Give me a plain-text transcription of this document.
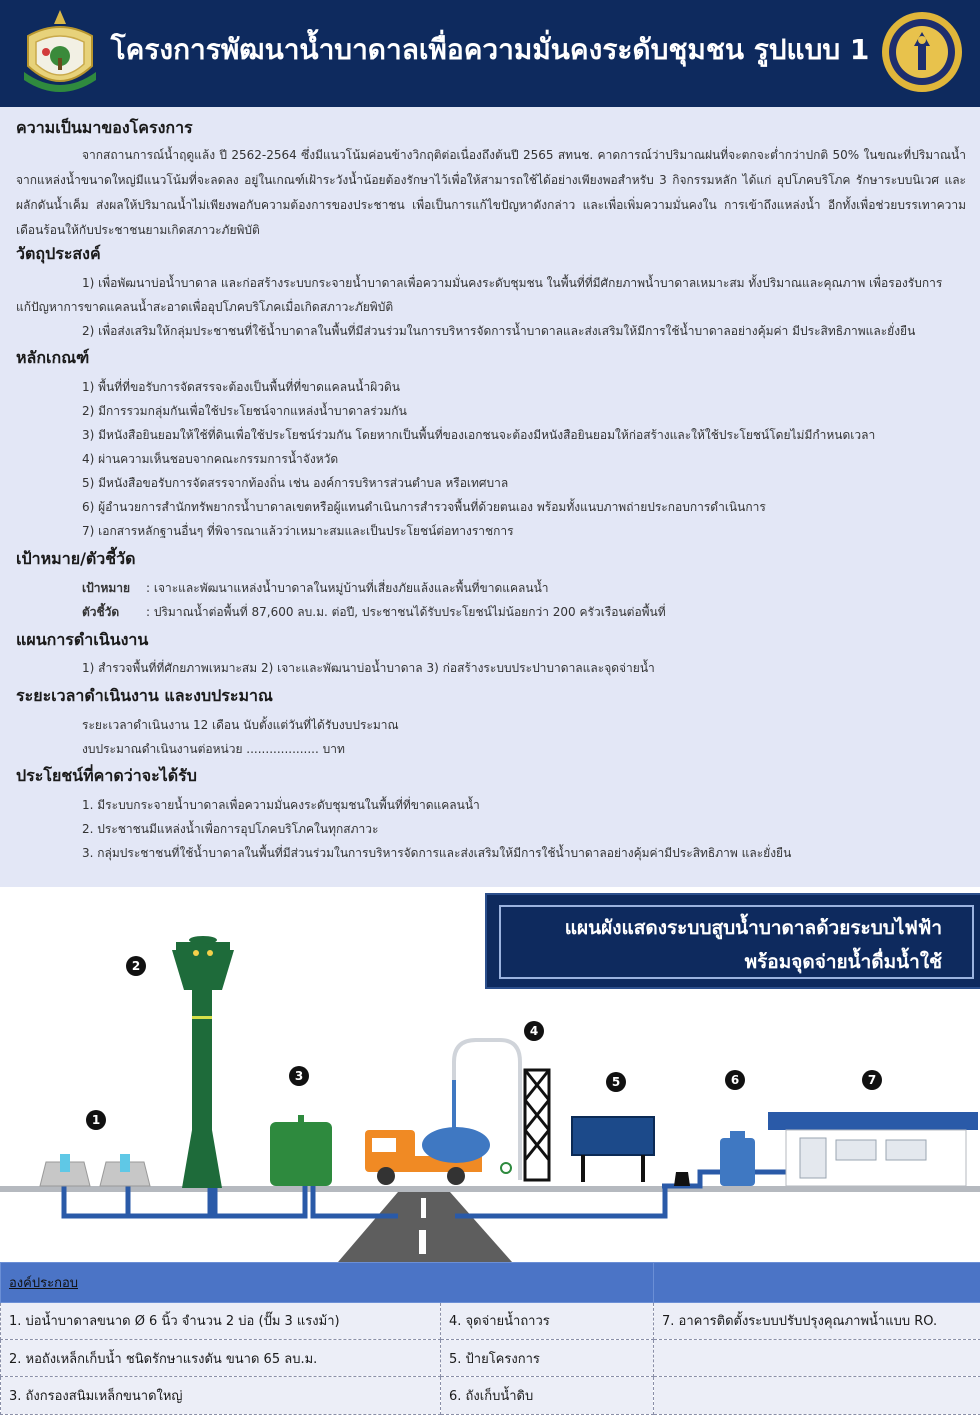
โครงการพัฒนาน้ำบาดาลเพื่อความมั่นคงระดับชุมชน รูปแบบ 1
ความเป็นมาของโครงการ
จากสถานการณ์น้ำฤดูแล้ง ปี 2562-2564 ซึ่งมีแนวโน้มค่อนข้างวิกฤติต่อเนื่องถึงต้นปี 2565 สทนช. คาดการณ์ว่าปริมาณฝนที่จะตกจะต่ำกว่าปกติ 50% ในขณะที่ปริมาณน้ำจากแหล่งน้ำขนาดใหญ่มีแนวโน้มที่จะลดลง อยู่ในเกณฑ์เฝ้าระวังน้ำน้อยต้องรักษาไว้เพื่อให้สามารถใช้ได้อย่างเพียงพอสำหรับ 3 กิจกรรมหลัก ได้แก่ อุปโภคบริโภค รักษาระบบนิเวศ และผลักดันน้ำเค็ม ส่งผลให้ปริมาณน้ำไม่เพียงพอกับความต้องการของประชาชน เพื่อเป็นการแก้ไขปัญหาดังกล่าว และเพื่อเพิ่มความมั่นคงใน การเข้าถึงแหล่งน้ำ อีกทั้งเพื่อช่วยบรรเทาความเดือนร้อนให้กับประชาชนยามเกิดสภาวะภัยพิบัติ
วัตถุประสงค์
1) เพื่อพัฒนาบ่อน้ำบาดาล และก่อสร้างระบบกระจายน้ำบาดาลเพื่อความมั่นคงระดับชุมชน ในพื้นที่ที่มีศักยภาพน้ำบาดาลเหมาะสม ทั้งปริมาณและคุณภาพ เพื่อรองรับการ
แก้ปัญหาการขาดแคลนน้ำสะอาดเพื่ออุปโภคบริโภคเมื่อเกิดสภาวะภัยพิบัติ
2) เพื่อส่งเสริมให้กลุ่มประชาชนที่ใช้น้ำบาดาลในพื้นที่มีส่วนร่วมในการบริหารจัดการน้ำบาดาลและส่งเสริมให้มีการใช้น้ำบาดาลอย่างคุ้มค่า มีประสิทธิภาพและยั่งยืน
หลักเกณฑ์
1) พื้นที่ที่ขอรับการจัดสรรจะต้องเป็นพื้นที่ที่ขาดแคลนน้ำผิวดิน
2) มีการรวมกลุ่มกันเพื่อใช้ประโยชน์จากแหล่งน้ำบาดาลร่วมกัน
3) มีหนังสือยินยอมให้ใช้ที่ดินเพื่อใช้ประโยชน์ร่วมกัน โดยหากเป็นพื้นที่ของเอกชนจะต้องมีหนังสือยินยอมให้ก่อสร้างและให้ใช้ประโยชน์โดยไม่มีกำหนดเวลา
4) ผ่านความเห็นชอบจากคณะกรรมการน้ำจังหวัด
5) มีหนังสือขอรับการจัดสรรจากท้องถิ่น เช่น องค์การบริหารส่วนตำบล หรือเทศบาล
6) ผู้อำนวยการสำนักทรัพยากรน้ำบาดาลเขตหรือผู้แทนดำเนินการสำรวจพื้นที่ด้วยตนเอง พร้อมทั้งแนบภาพถ่ายประกอบการดำเนินการ
7) เอกสารหลักฐานอื่นๆ ที่พิจารณาแล้วว่าเหมาะสมและเป็นประโยชน์ต่อทางราชการ
เป้าหมาย/ตัวชี้วัด
เป้าหมาย : เจาะและพัฒนาแหล่งน้ำบาดาลในหมู่บ้านที่เสี่ยงภัยแล้งและพื้นที่ขาดแคลนน้ำ
ตัวชี้วัด : ปริมาณน้ำต่อพื้นที่ 87,600 ลบ.ม. ต่อปี, ประชาชนได้รับประโยชน์ไม่น้อยกว่า 200 ครัวเรือนต่อพื้นที่
แผนการดำเนินงาน
1) สำรวจพื้นที่ที่ศักยภาพเหมาะสม 2) เจาะและพัฒนาบ่อน้ำบาดาล 3) ก่อสร้างระบบประปาบาดาลและจุดจ่ายน้ำ
ระยะเวลาดำเนินงาน และงบประมาณ
ระยะเวลาดำเนินงาน 12 เดือน นับตั้งแต่วันที่ได้รับงบประมาณ
งบประมาณดำเนินงานต่อหน่วย ................... บาท
ประโยชน์ที่คาดว่าจะได้รับ
1. มีระบบกระจายน้ำบาดาลเพื่อความมั่นคงระดับชุมชนในพื้นที่ที่ขาดแคลนน้ำ
2. ประชาชนมีแหล่งน้ำเพื่อการอุปโภคบริโภคในทุกสภาวะ
3. กลุ่มประชาชนที่ใช้น้ำบาดาลในพื้นที่มีส่วนร่วมในการบริหารจัดการและส่งเสริมให้มีการใช้น้ำบาดาลอย่างคุ้มค่ามีประสิทธิภาพ และยั่งยืน
1
2
3
4
5	6	7
แผนผังแสดงระบบสูบน้ำบาดาลด้วยระบบไฟฟ้า
พร้อมจุดจ่ายน้ำดื่มน้ำใช้
องค์ประกอบ		
1. บ่อน้ำบาดาลขนาด Ø 6 นิ้ว จำนวน 2 บ่อ (ปั๊ม 3 แรงม้า)	4. จุดจ่ายน้ำถาวร	7. อาคารติดตั้งระบบปรับปรุงคุณภาพน้ำแบบ RO.
2. หอถังเหล็กเก็บน้ำ ชนิดรักษาแรงดัน ขนาด 65 ลบ.ม.	5. ป้ายโครงการ	
3. ถังกรองสนิมเหล็กขนาดใหญ่	6. ถังเก็บน้ำดิบ	
